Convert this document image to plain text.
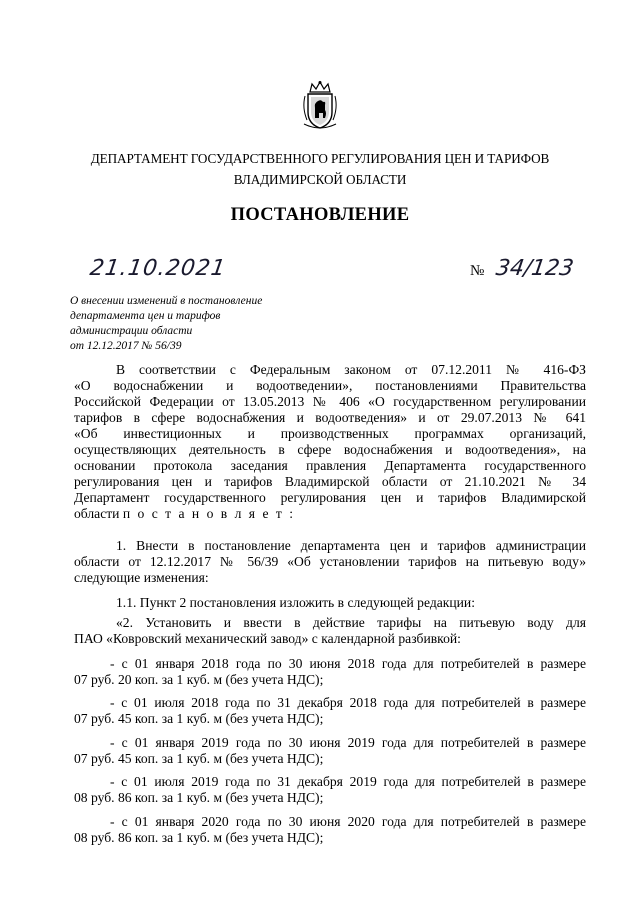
ДЕПАРТАМЕНТ ГОСУДАРСТВЕННОГО РЕГУЛИРОВАНИЯ ЦЕН И ТАРИФОВ
ВЛАДИМИРСКОЙ ОБЛАСТИ
ПОСТАНОВЛЕНИЕ
21.10.2021	№ 34/123
О внесении изменений в постановление
департамента цен и тарифов
администрации области
от 12.12.2017 № 56/39
В соответствии с Федеральным законом от 07.12.2011 № 416-ФЗ
«О водоснабжении и водоотведении», постановлениями Правительства
Российской Федерации от 13.05.2013 № 406 «О государственном регулировании
тарифов в сфере водоснабжения и водоотведения» и от 29.07.2013 № 641
«Об инвестиционных и производственных программах организаций,
осуществляющих деятельность в сфере водоснабжения и водоотведения», на
основании протокола заседания правления Департамента государственного
регулирования цен и тарифов Владимирской области от 21.10.2021 № 34
Департамент государственного регулирования цен и тарифов Владимирской
области п о с т а н о в л я е т :
1. Внести в постановление департамента цен и тарифов администрации
области от 12.12.2017 № 56/39 «Об установлении тарифов на питьевую воду»
следующие изменения:
1.1. Пункт 2 постановления изложить в следующей редакции:
«2. Установить и ввести в действие тарифы на питьевую воду для
ПАО «Ковровский механический завод» с календарной разбивкой:
- с 01 января 2018 года по 30 июня 2018 года для потребителей в размере
07 руб. 20 коп. за 1 куб. м (без учета НДС);
- с 01 июля 2018 года по 31 декабря 2018 года для потребителей в размере
07 руб. 45 коп. за 1 куб. м (без учета НДС);
- с 01 января 2019 года по 30 июня 2019 года для потребителей в размере
07 руб. 45 коп. за 1 куб. м (без учета НДС);
- с 01 июля 2019 года по 31 декабря 2019 года для потребителей в размере
08 руб. 86 коп. за 1 куб. м (без учета НДС);
- с 01 января 2020 года по 30 июня 2020 года для потребителей в размере
08 руб. 86 коп. за 1 куб. м (без учета НДС);
